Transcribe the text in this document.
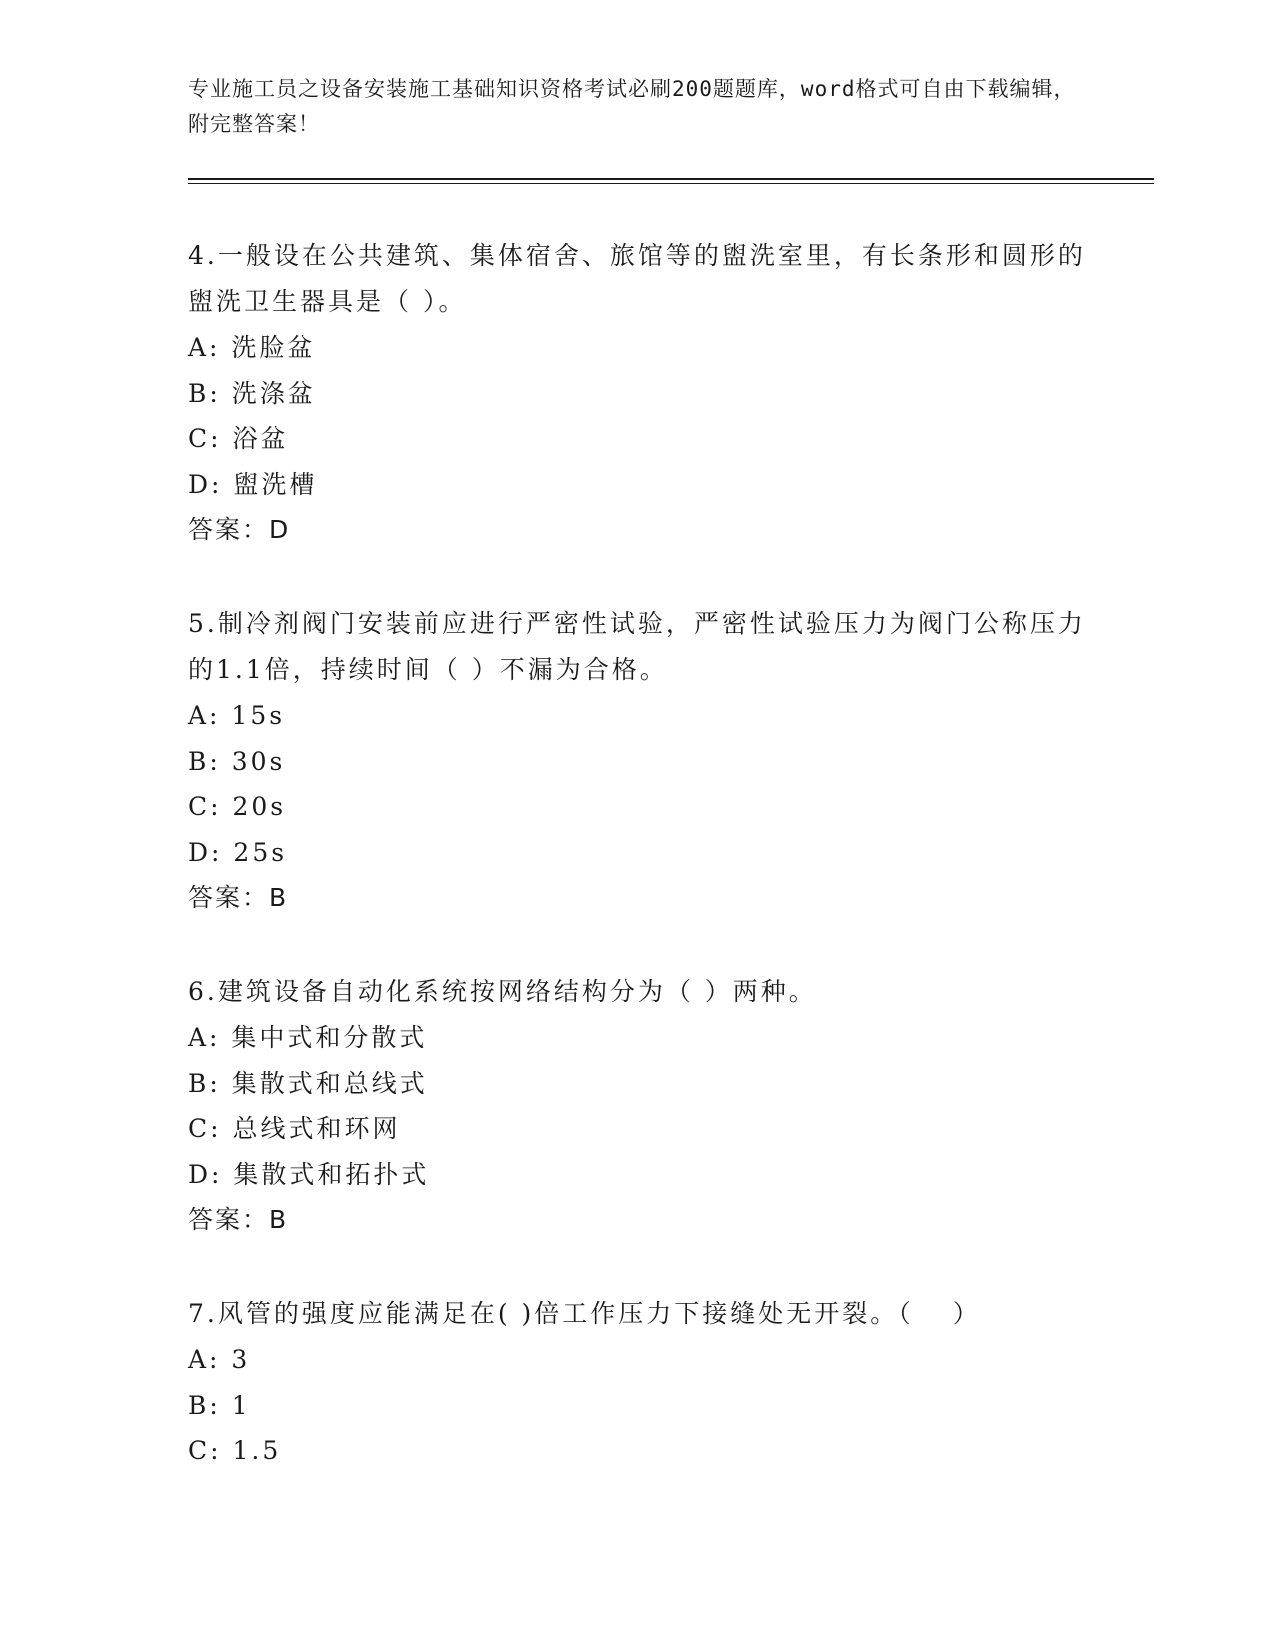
专业施工员之设备安装施工基础知识资格考试必刷200题题库，word格式可自由下载编辑，附完整答案！
4.一般设在公共建筑、集体宿舍、旅馆等的盥洗室里，有长条形和圆形的盥洗卫生器具是（ ）。
A: 洗脸盆
B: 洗涤盆
C: 浴盆
D: 盥洗槽
答案：D
5.制冷剂阀门安装前应进行严密性试验，严密性试验压力为阀门公称压力的1.1倍，持续时间（ ）不漏为合格。
A: 15s
B: 30s
C: 20s
D: 25s
答案：B
6.建筑设备自动化系统按网络结构分为（ ）两种。
A: 集中式和分散式
B: 集散式和总线式
C: 总线式和环网
D: 集散式和拓扑式
答案：B
7.风管的强度应能满足在( )倍工作压力下接缝处无开裂。（　 ）
A: 3
B: 1
C: 1.5
